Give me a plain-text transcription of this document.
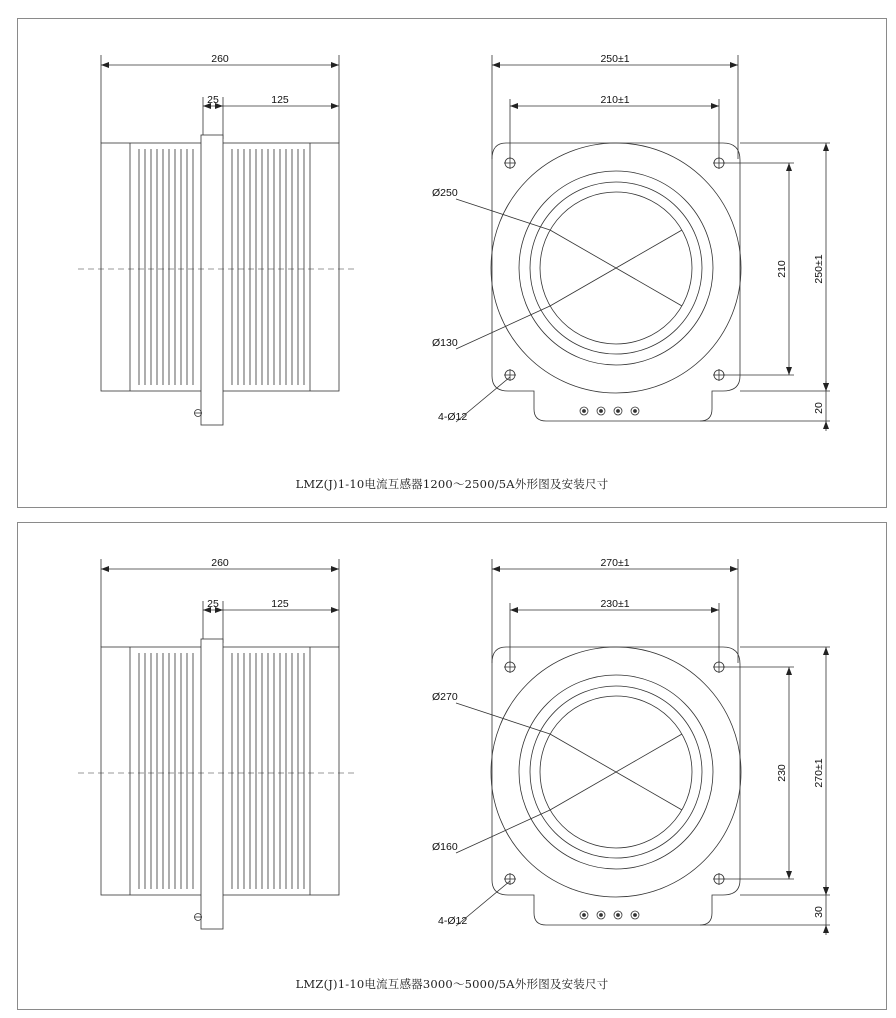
260
25	125
250±1
210±1
Ø250
Ø130
4-Ø12
210 250±1
20
LMZ(J)1-10电流互感器1200～2500/5A外形图及安装尺寸
260
25	125
270±1
230±1
Ø270
Ø160
4-Ø12
230 270±1
30
LMZ(J)1-10电流互感器3000～5000/5A外形图及安装尺寸
